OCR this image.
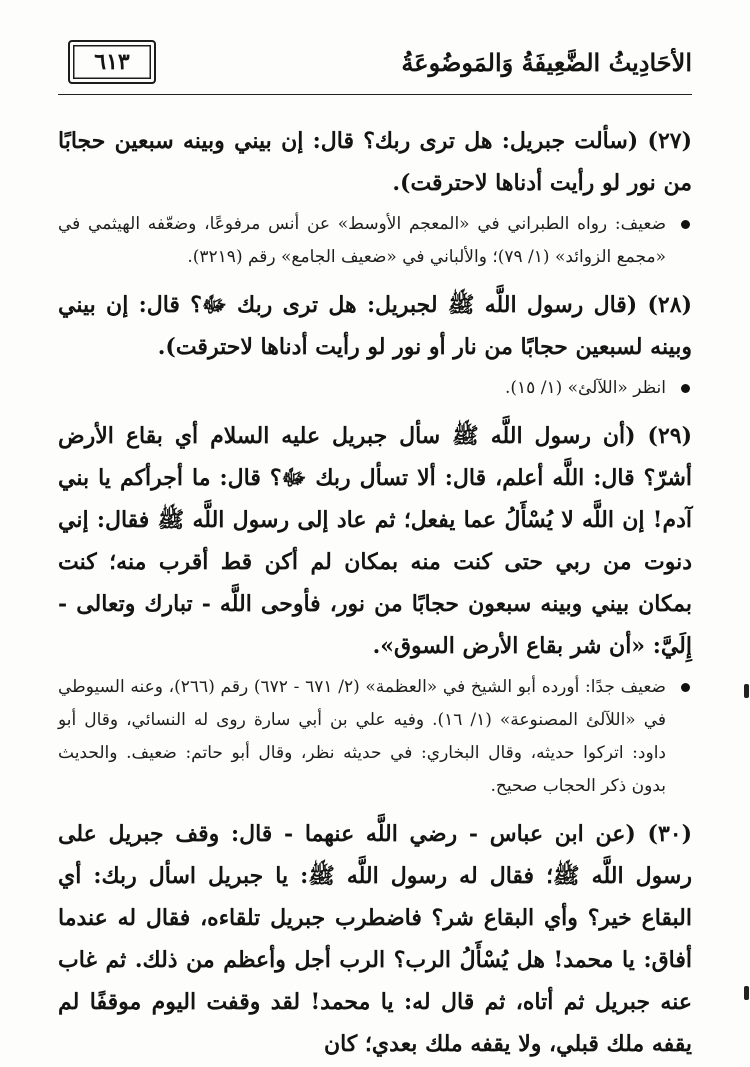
الأحَادِيثُ الضَّعِيفَةُ وَالمَوضُوعَةُ
٦١٣

(٢٧) (سألت جبريل: هل ترى ربك؟ قال: إن بيني وبينه سبعين حجابًا من نور لو رأيت أدناها لاحترقت).

ضعيف: رواه الطبراني في «المعجم الأوسط» عن أنس مرفوعًا، وضعّفه الهيثمي في «مجمع الزوائد» (١/ ٧٩)؛ والألباني في «ضعيف الجامع» رقم (٣٢١٩).

(٢٨) (قال رسول اللَّه ﷺ لجبريل: هل ترى ربك ﷻ؟ قال: إن بيني وبينه لسبعين حجابًا من نار أو نور لو رأيت أدناها لاحترقت).

انظر «اللآلئ» (١/ ١٥).

(٢٩) (أن رسول اللَّه ﷺ سأل جبريل عليه السلام أي بقاع الأرض أشرّ؟ قال: اللَّه أعلم، قال: ألا تسأل ربك ﷻ؟ قال: ما أجرأكم يا بني آدم! إن اللَّه لا يُسْأَلُ عما يفعل؛ ثم عاد إلى رسول اللَّه ﷺ فقال: إني دنوت من ربي حتى كنت منه بمكان لم أكن قط أقرب منه؛ كنت بمكان بيني وبينه سبعون حجابًا من نور، فأوحى اللَّه - تبارك وتعالى - إِلَيَّ: «أن شر بقاع الأرض السوق».

ضعيف جدًا: أورده أبو الشيخ في «العظمة» (٢/ ٦٧١ - ٦٧٢) رقم (٢٦٦)، وعنه السيوطي في «اللآلئ المصنوعة» (١/ ١٦). وفيه علي بن أبي سارة روى له النسائي، وقال أبو داود: اتركوا حديثه، وقال البخاري: في حديثه نظر، وقال أبو حاتم: ضعيف. والحديث بدون ذكر الحجاب صحيح.

(٣٠) (عن ابن عباس - رضي اللَّه عنهما - قال: وقف جبريل على رسول اللَّه ﷺ؛ فقال له رسول اللَّه ﷺ: يا جبريل اسأل ربك: أي البقاع خير؟ وأي البقاع شر؟ فاضطرب جبريل تلقاءه، فقال له عندما أفاق: يا محمد! هل يُسْأَلُ الرب؟ الرب أجل وأعظم من ذلك. ثم غاب عنه جبريل ثم أتاه، ثم قال له: يا محمد! لقد وقفت اليوم موقفًا لم يقفه ملك قبلي، ولا يقفه ملك بعدي؛ كان
